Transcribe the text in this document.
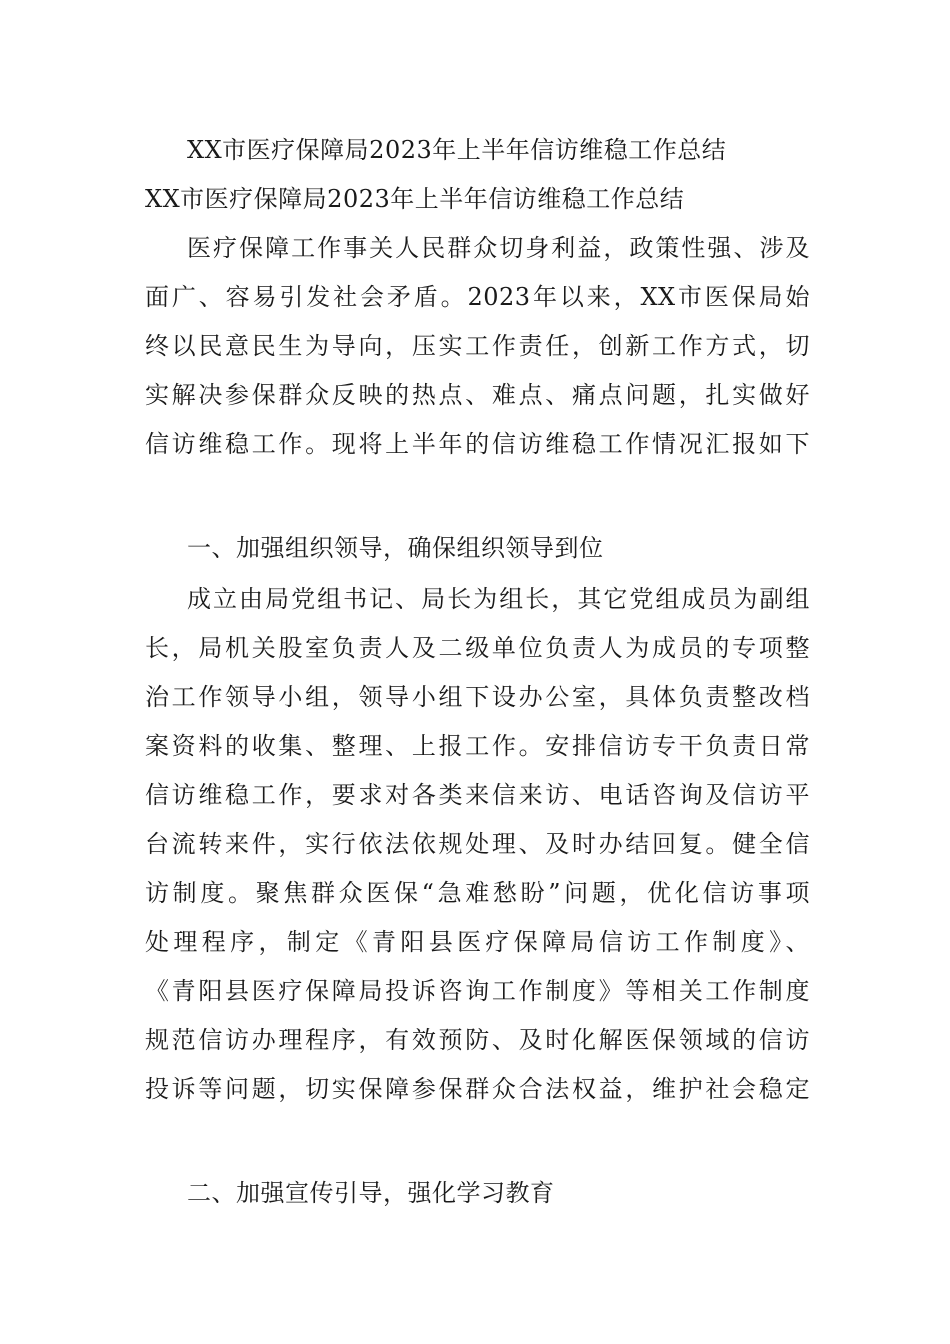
XX市医疗保障局2023年上半年信访维稳工作总结
XX市医疗保障局2023年上半年信访维稳工作总结
医疗保障工作事关人民群众切身利益，政策性强、涉及
面广、容易引发社会矛盾。2023年以来，XX市医保局始
终以民意民生为导向，压实工作责任，创新工作方式，切
实解决参保群众反映的热点、难点、痛点问题，扎实做好
信访维稳工作。现将上半年的信访维稳工作情况汇报如下
一、加强组织领导，确保组织领导到位
成立由局党组书记、局长为组长，其它党组成员为副组
长，局机关股室负责人及二级单位负责人为成员的专项整
治工作领导小组，领导小组下设办公室，具体负责整改档
案资料的收集、整理、上报工作。安排信访专干负责日常
信访维稳工作，要求对各类来信来访、电话咨询及信访平
台流转来件，实行依法依规处理、及时办结回复。健全信
访制度。聚焦群众医保“急难愁盼”问题，优化信访事项
处理程序，制定《青阳县医疗保障局信访工作制度》、
《青阳县医疗保障局投诉咨询工作制度》等相关工作制度
规范信访办理程序，有效预防、及时化解医保领域的信访
投诉等问题，切实保障参保群众合法权益，维护社会稳定
二、加强宣传引导，强化学习教育
